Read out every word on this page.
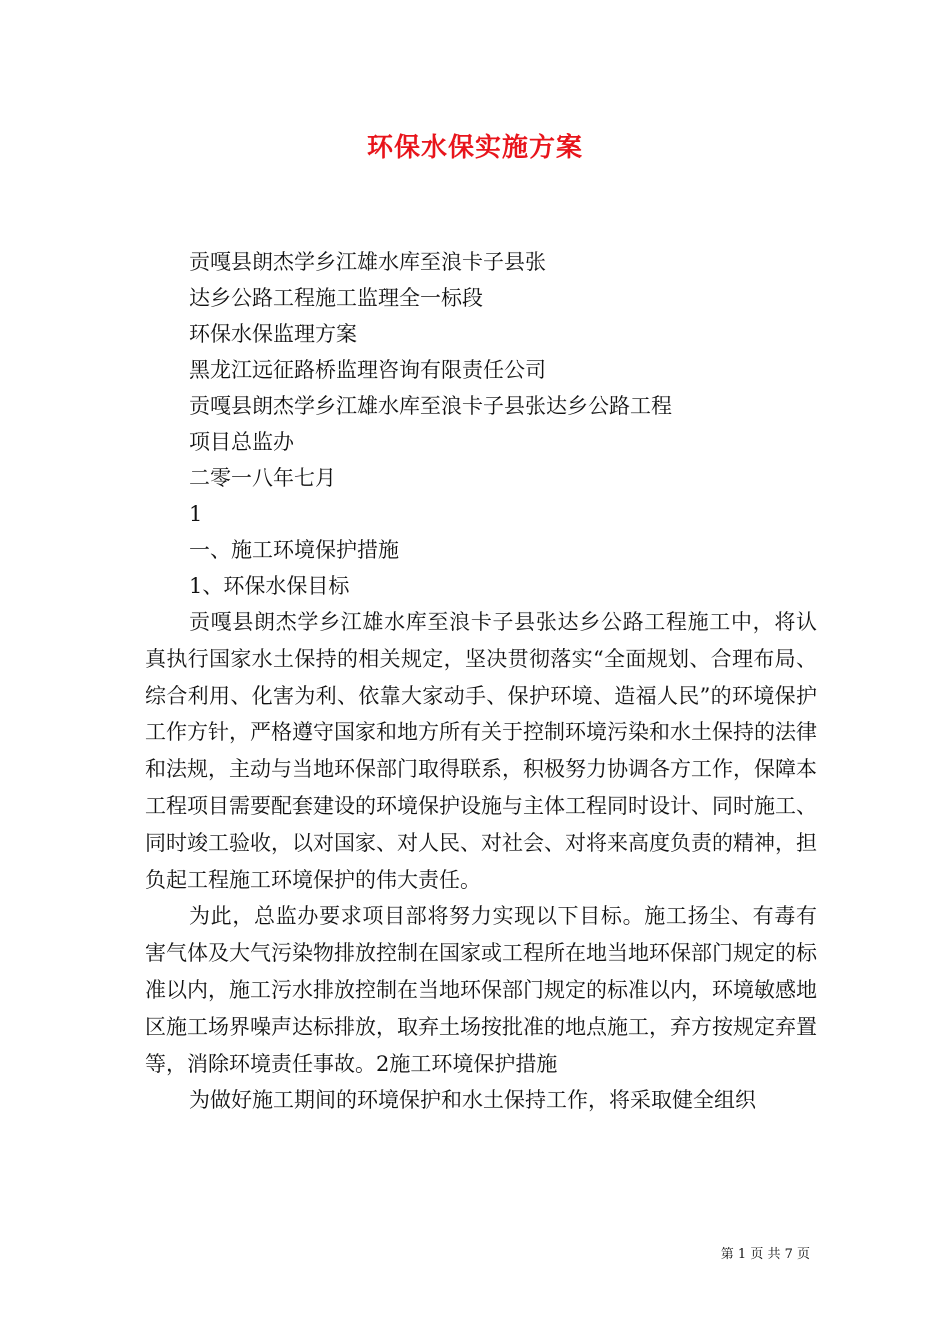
环保水保实施方案
贡嘎县朗杰学乡江雄水库至浪卡子县张
达乡公路工程施工监理全一标段
环保水保监理方案
黑龙江远征路桥监理咨询有限责任公司
贡嘎县朗杰学乡江雄水库至浪卡子县张达乡公路工程
项目总监办
二零一八年七月
1
一、施工环境保护措施
1、环保水保目标

贡嘎县朗杰学乡江雄水库至浪卡子县张达乡公路工程施工中，将认真执行国家水土保持的相关规定，坚决贯彻落实“全面规划、合理布局、综合利用、化害为利、依靠大家动手、保护环境、造福人民”的环境保护工作方针，严格遵守国家和地方所有关于控制环境污染和水土保持的法律和法规，主动与当地环保部门取得联系，积极努力协调各方工作，保障本工程项目需要配套建设的环境保护设施与主体工程同时设计、同时施工、同时竣工验收，以对国家、对人民、对社会、对将来高度负责的精神，担负起工程施工环境保护的伟大责任。

为此，总监办要求项目部将努力实现以下目标。施工扬尘、有毒有害气体及大气污染物排放控制在国家或工程所在地当地环保部门规定的标准以内，施工污水排放控制在当地环保部门规定的标准以内，环境敏感地区施工场界噪声达标排放，取弃土场按批准的地点施工，弃方按规定弃置等，消除环境责任事故。2施工环境保护措施

为做好施工期间的环境保护和水土保持工作，将采取健全组织

第 1 页 共 7 页
